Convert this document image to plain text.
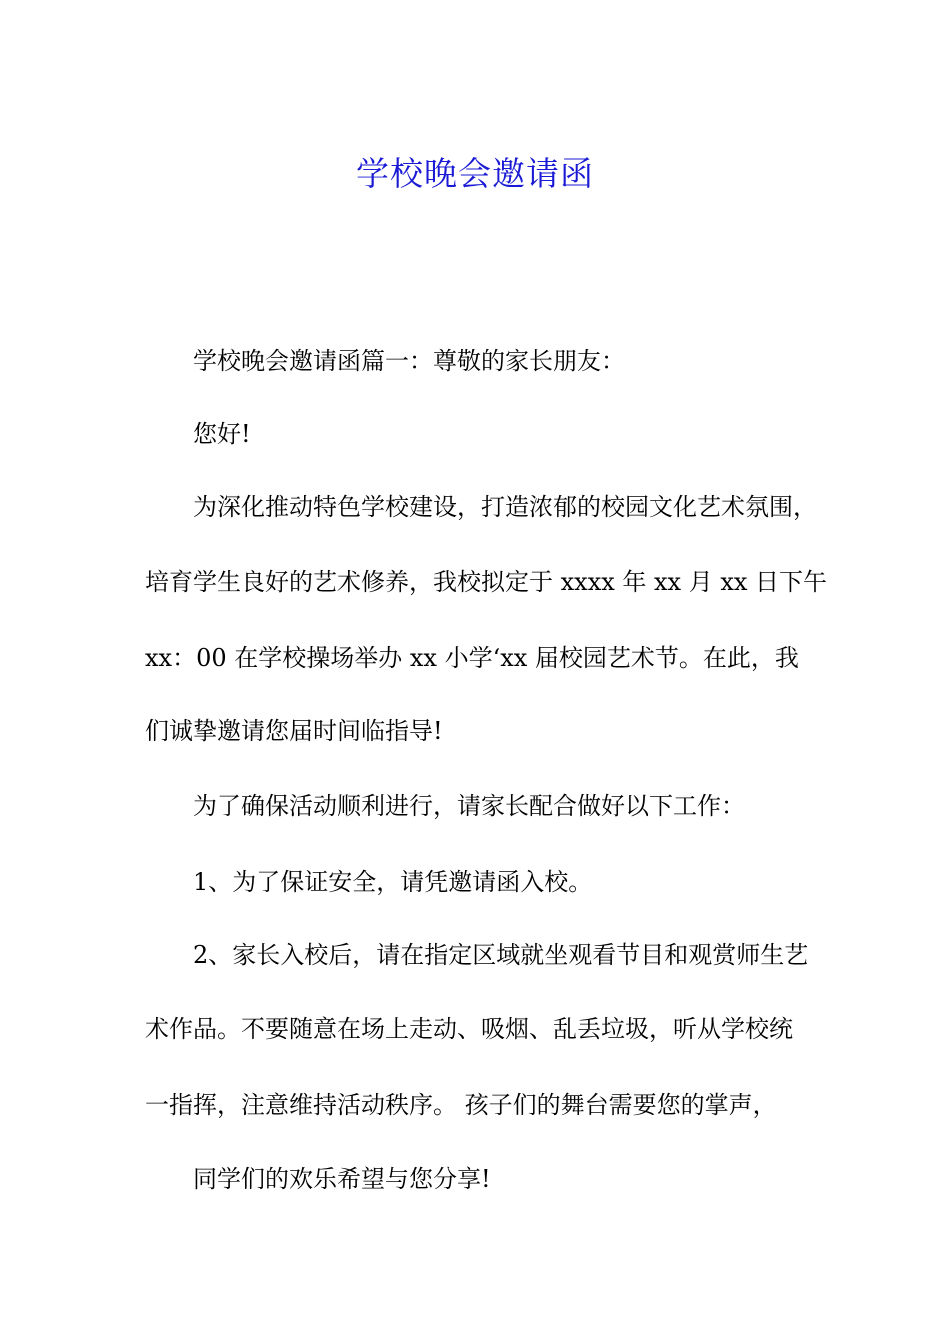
学校晚会邀请函
学校晚会邀请函篇一：尊敬的家长朋友：
您好!
为深化推动特色学校建设，打造浓郁的校园文化艺术氛围，
培育学生良好的艺术修养，我校拟定于 xxxx 年 xx 月 xx 日下午
xx：00 在学校操场举办 xx 小学‘xx 届校园艺术节。在此，我
们诚挚邀请您届时间临指导!
为了确保活动顺利进行，请家长配合做好以下工作：
1、为了保证安全，请凭邀请函入校。
2、家长入校后，请在指定区域就坐观看节目和观赏师生艺
术作品。不要随意在场上走动、吸烟、乱丢垃圾，听从学校统
一指挥，注意维持活动秩序。 孩子们的舞台需要您的掌声，
同学们的欢乐希望与您分享!
